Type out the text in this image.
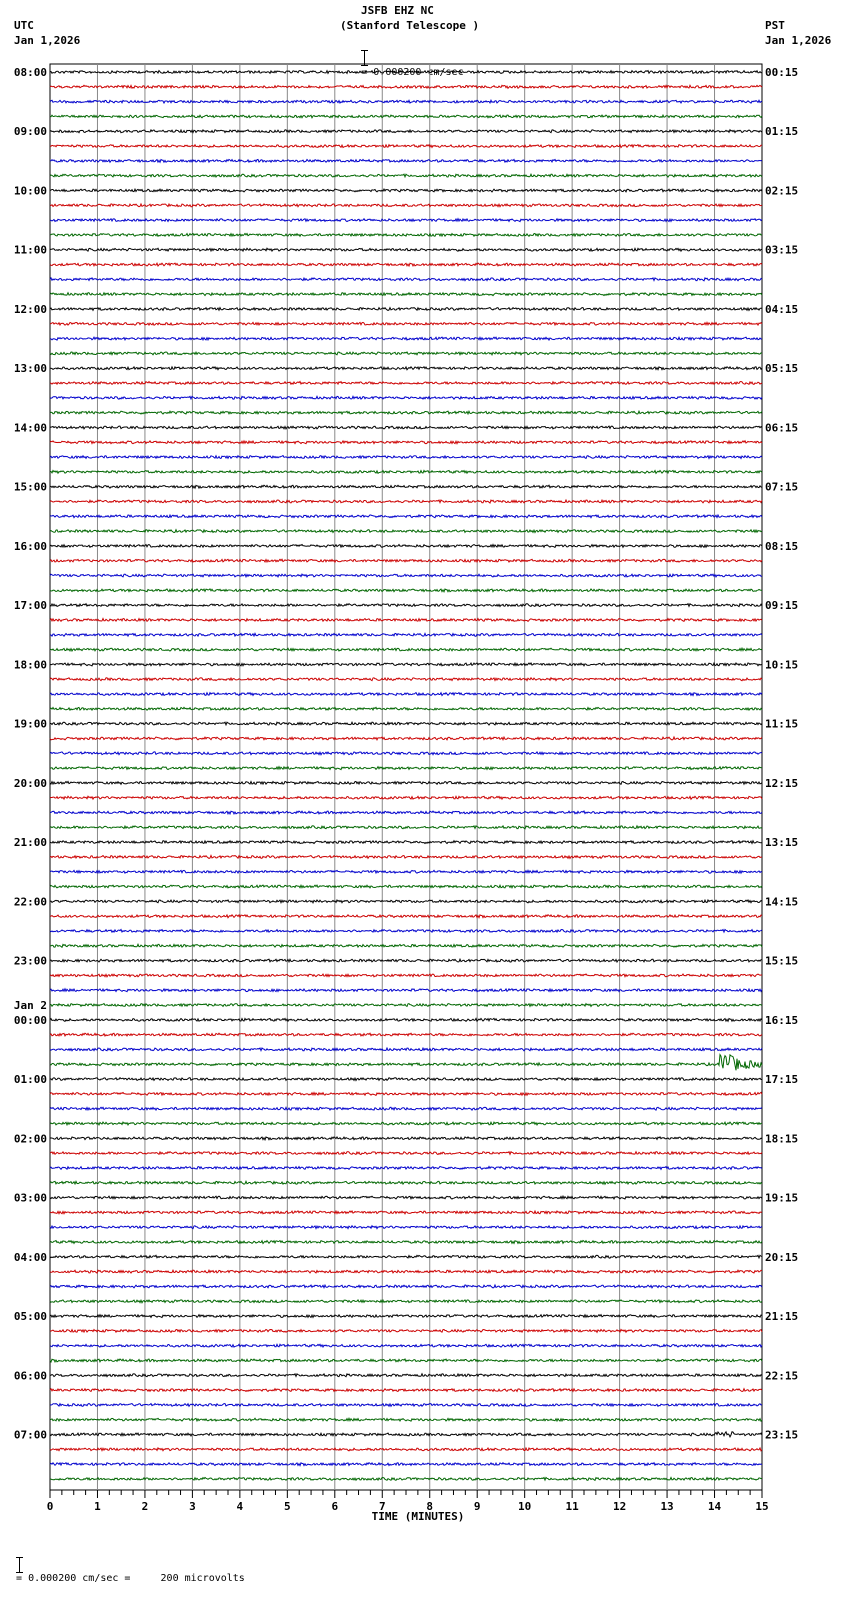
JSFB EHZ NC
(Stanford Telescope )

= 0.000200 cm/sec

UTC
Jan 1,2026
PST
Jan 1,2026
08:00
09:00
10:00
11:00
12:00
13:00
14:00
15:00
16:00
17:00
18:00
19:00
20:00
21:00
22:00
23:00
00:00
01:00
02:00
03:00
04:00
05:00
06:00
07:00
00:15
01:15
02:15
03:15
04:15
05:15
06:15
07:15
08:15
09:15
10:15
11:15
12:15
13:15
14:15
15:15
16:15
17:15
18:15
19:15
20:15
21:15
22:15
23:15
Jan 2
0	1	2	3	4	5	6	7	8	9	10	11	12	13	14	15
TIME (MINUTES)

= 0.000200 cm/sec =     200 microvolts
